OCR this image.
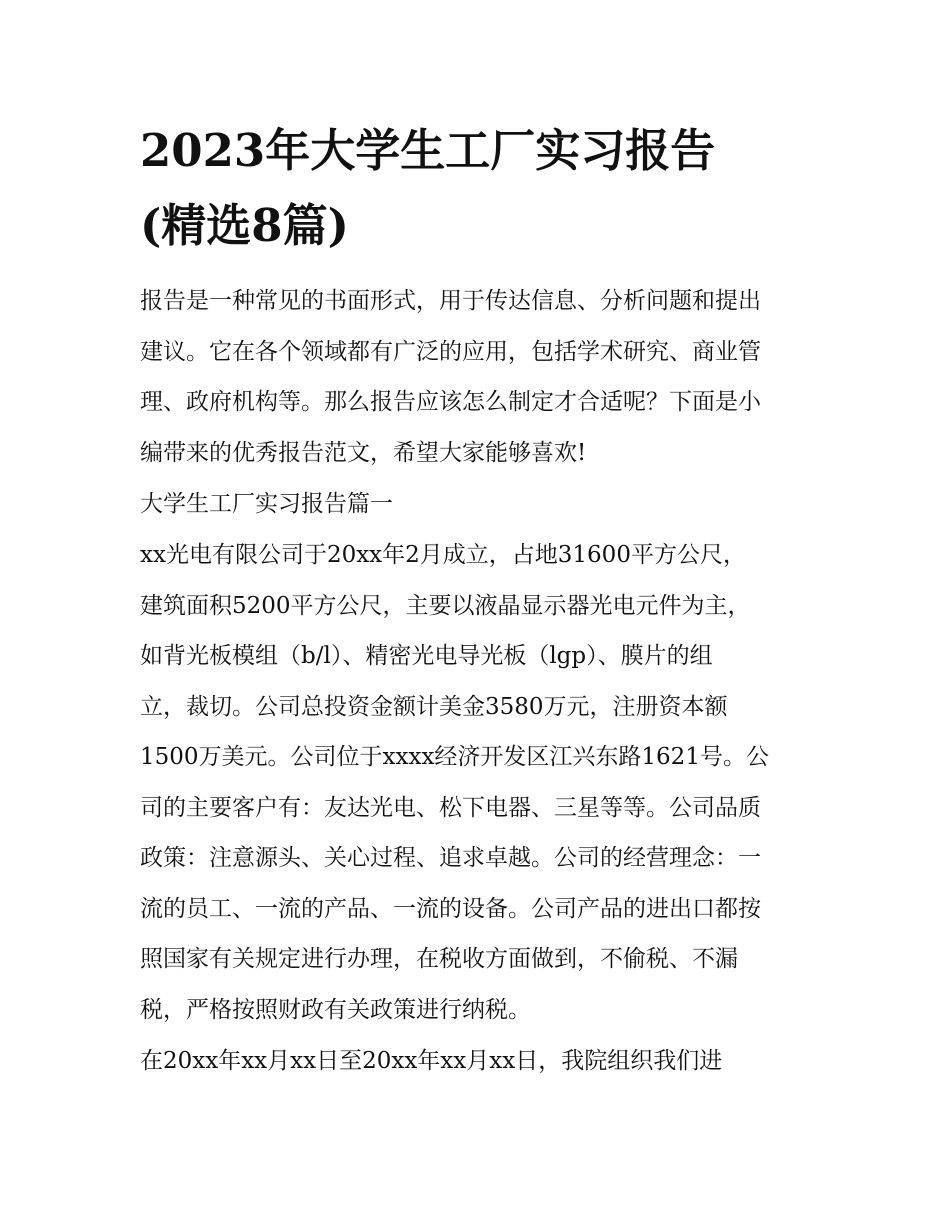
2023年大学生工厂实习报告
(精选8篇)

报告是一种常见的书面形式，用于传达信息、分析问题和提出
建议。它在各个领域都有广泛的应用，包括学术研究、商业管
理、政府机构等。那么报告应该怎么制定才合适呢？下面是小
编带来的优秀报告范文，希望大家能够喜欢!

大学生工厂实习报告篇一

xx光电有限公司于20xx年2月成立，占地31600平方公尺，
建筑面积5200平方公尺，主要以液晶显示器光电元件为主，
如背光板模组（b/l）、精密光电导光板（lgp）、膜片的组
立，裁切。公司总投资金额计美金3580万元，注册资本额
1500万美元。公司位于xxxx经济开发区江兴东路1621号。公
司的主要客户有：友达光电、松下电器、三星等等。公司品质
政策：注意源头、关心过程、追求卓越。公司的经营理念：一
流的员工、一流的产品、一流的设备。公司产品的进出口都按
照国家有关规定进行办理，在税收方面做到，不偷税、不漏
税，严格按照财政有关政策进行纳税。

在20xx年xx月xx日至20xx年xx月xx日，我院组织我们进
